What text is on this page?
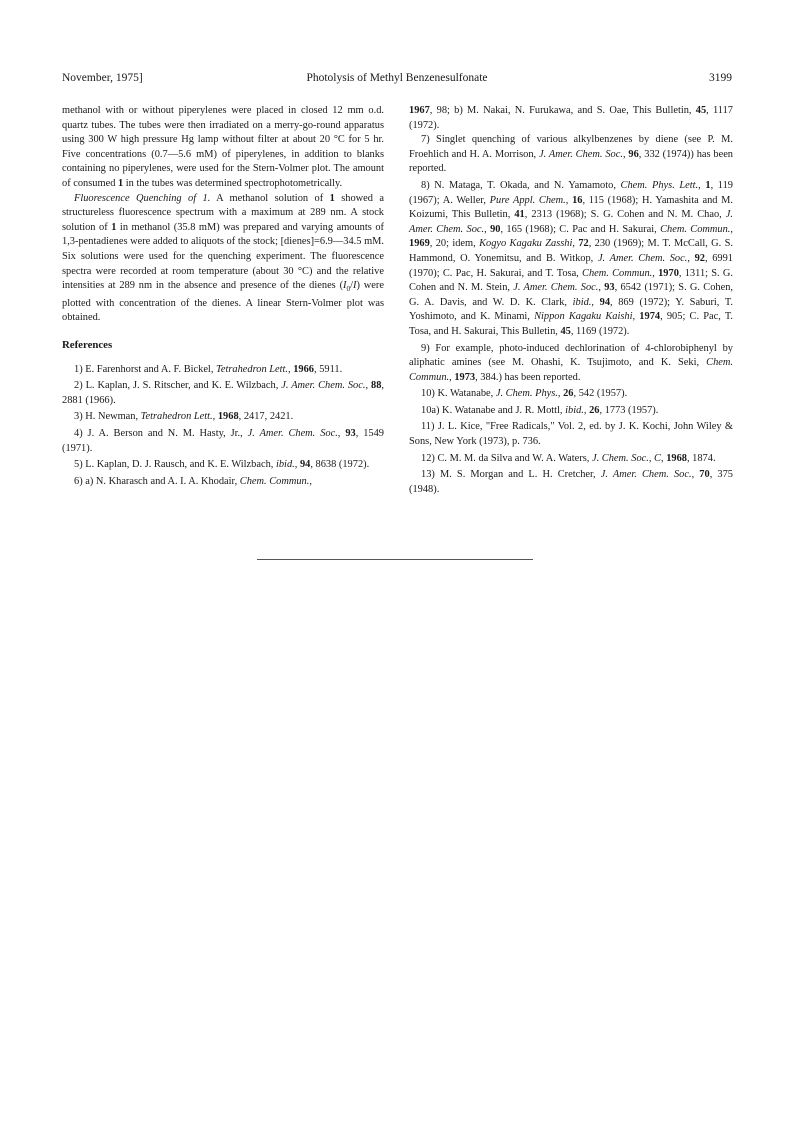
November, 1975]	Photolysis of Methyl Benzenesulfonate	3199

methanol with or without piperylenes were placed in closed 12 mm o.d. quartz tubes. The tubes were then irradiated on a merry-go-round apparatus using 300 W high pressure Hg lamp without filter at about 20 °C for 5 hr. Five concentrations (0.7—5.6 mM) of piperylenes, in addition to blanks containing no piperylenes, were used for the Stern-Volmer plot. The amount of consumed 1 in the tubes was determined spectrophotometrically.

Fluorescence Quenching of 1. A methanol solution of 1 showed a structureless fluorescence spectrum with a maximum at 289 nm. A stock solution of 1 in methanol (35.8 mM) was prepared and varying amounts of 1,3-pentadienes were added to aliquots of the stock; [dienes]=6.9—34.5 mM. Six solutions were used for the quenching experiment. The fluorescence spectra were recorded at room temperature (about 30 °C) and the relative intensities at 289 nm in the absence and presence of the dienes $(I_0/I)$ were plotted with concentration of the dienes. A linear Stern-Volmer plot was obtained.

References

1) E. Farenhorst and A. F. Bickel, Tetrahedron Lett., 1966, 5911.

2) L. Kaplan, J. S. Ritscher, and K. E. Wilzbach, J. Amer. Chem. Soc., 88, 2881 (1966).

3) H. Newman, Tetrahedron Lett., 1968, 2417, 2421.

4) J. A. Berson and N. M. Hasty, Jr., J. Amer. Chem. Soc., 93, 1549 (1971).

5) L. Kaplan, D. J. Rausch, and K. E. Wilzbach, ibid., 94, 8638 (1972).

6) a) N. Kharasch and A. I. A. Khodair, Chem. Commun.,

1967, 98; b) M. Nakai, N. Furukawa, and S. Oae, This Bulletin, 45, 1117 (1972).

7) Singlet quenching of various alkylbenzenes by diene (see P. M. Froehlich and H. A. Morrison, J. Amer. Chem. Soc., 96, 332 (1974)) has been reported.

8) N. Mataga, T. Okada, and N. Yamamoto, Chem. Phys. Lett., 1, 119 (1967); A. Weller, Pure Appl. Chem., 16, 115 (1968); H. Yamashita and M. Koizumi, This Bulletin, 41, 2313 (1968); S. G. Cohen and N. M. Chao, J. Amer. Chem. Soc., 90, 165 (1968); C. Pac and H. Sakurai, Chem. Commun., 1969, 20; idem, Kogyo Kagaku Zasshi, 72, 230 (1969); M. T. McCall, G. S. Hammond, O. Yonemitsu, and B. Witkop, J. Amer. Chem. Soc., 92, 6991 (1970); C. Pac, H. Sakurai, and T. Tosa, Chem. Commun., 1970, 1311; S. G. Cohen and N. M. Stein, J. Amer. Chem. Soc., 93, 6542 (1971); S. G. Cohen, G. A. Davis, and W. D. K. Clark, ibid., 94, 869 (1972); Y. Saburi, T. Yoshimoto, and K. Minami, Nippon Kagaku Kaishi, 1974, 905; C. Pac, T. Tosa, and H. Sakurai, This Bulletin, 45, 1169 (1972).

9) For example, photo-induced dechlorination of 4-chlorobiphenyl by aliphatic amines (see M. Ohashi, K. Tsujimoto, and K. Seki, Chem. Commun., 1973, 384.) has been reported.

10) K. Watanabe, J. Chem. Phys., 26, 542 (1957).

10a) K. Watanabe and J. R. Mottl, ibid., 26, 1773 (1957).

11) J. L. Kice, "Free Radicals," Vol. 2, ed. by J. K. Kochi, John Wiley & Sons, New York (1973), p. 736.

12) C. M. M. da Silva and W. A. Waters, J. Chem. Soc., C, 1968, 1874.

13) M. S. Morgan and L. H. Cretcher, J. Amer. Chem. Soc., 70, 375 (1948).
